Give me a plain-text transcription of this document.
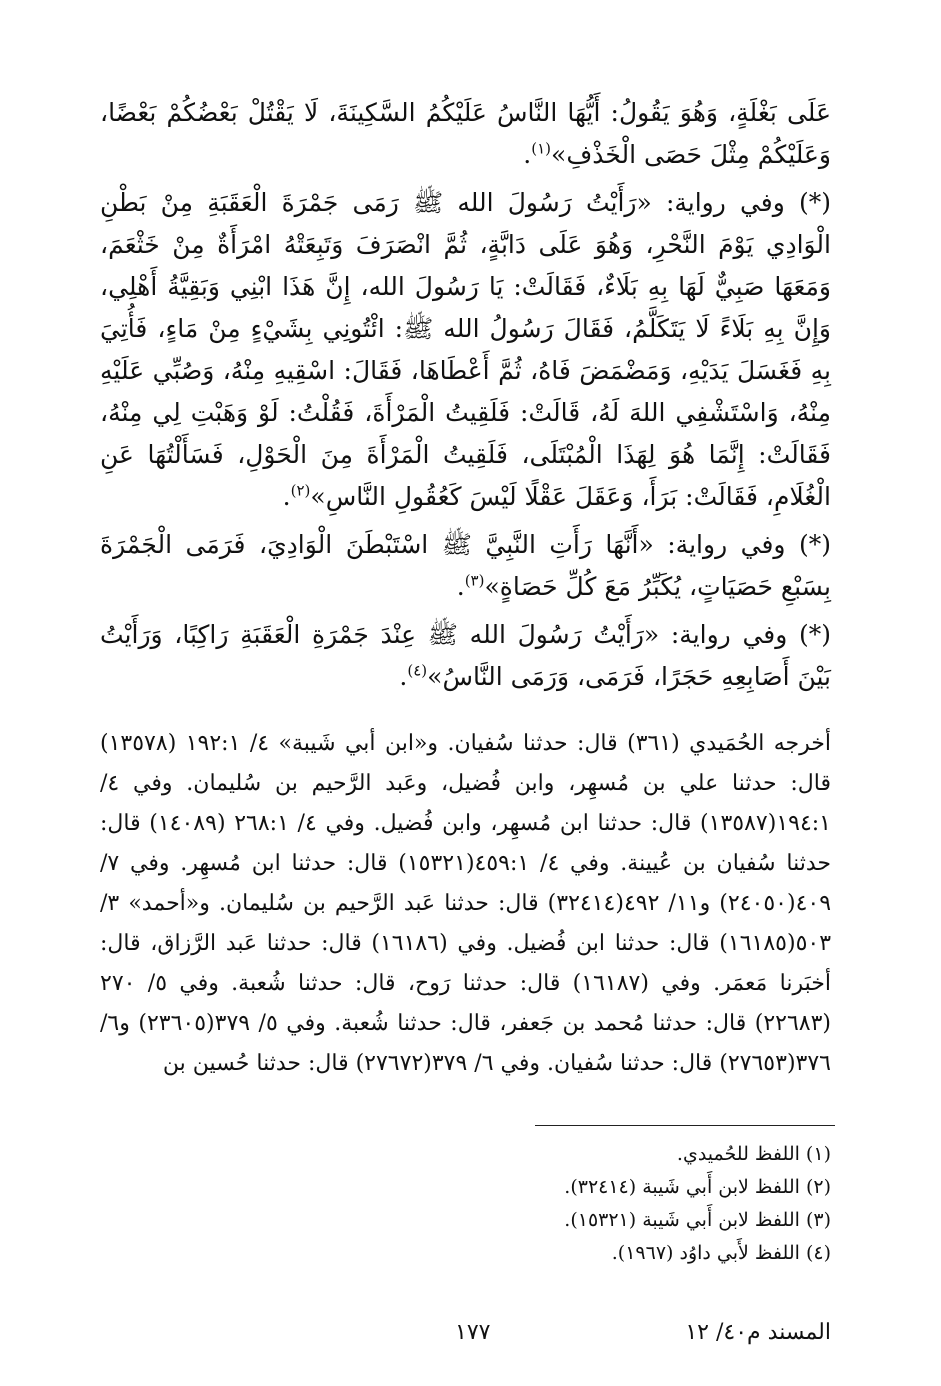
عَلَى بَغْلَةٍ، وَهُوَ يَقُولُ: أَيُّهَا النَّاسُ عَلَيْكُمُ السَّكِينَةَ، لَا يَقْتُلْ بَعْضُكُمْ بَعْضًا، وَعَلَيْكُمْ مِثْلَ حَصَى الْخَذْفِ»$^{(١)}$.

(*) وفي رواية: «رَأَيْتُ رَسُولَ الله ﷺ رَمَى جَمْرَةَ الْعَقَبَةِ مِنْ بَطْنِ الْوَادِي يَوْمَ النَّحْرِ، وَهُوَ عَلَى دَابَّةٍ، ثُمَّ انْصَرَفَ وَتَبِعَتْهُ امْرَأَةٌ مِنْ خَثْعَمَ، وَمَعَهَا صَبِيٌّ لَهَا بِهِ بَلَاءٌ، فَقَالَتْ: يَا رَسُولَ الله، إِنَّ هَذَا ابْنِي وَبَقِيَّةُ أَهْلِي، وَإِنَّ بِهِ بَلَاءً لَا يَتَكَلَّمُ، فَقَالَ رَسُولُ الله ﷺ: ائْتُونِي بِشَيْءٍ مِنْ مَاءٍ، فَأُتِيَ بِهِ فَغَسَلَ يَدَيْهِ، وَمَضْمَضَ فَاهُ، ثُمَّ أَعْطَاهَا، فَقَالَ: اسْقِيهِ مِنْهُ، وَصُبِّي عَلَيْهِ مِنْهُ، وَاسْتَشْفِي اللهَ لَهُ، قَالَتْ: فَلَقِيتُ الْمَرْأَةَ، فَقُلْتُ: لَوْ وَهَبْتِ لِي مِنْهُ، فَقَالَتْ: إِنَّمَا هُوَ لِهَذَا الْمُبْتَلَى، فَلَقِيتُ الْمَرْأَةَ مِنَ الْحَوْلِ، فَسَأَلْتُهَا عَنِ الْغُلَامِ، فَقَالَتْ: بَرَأَ، وَعَقَلَ عَقْلًا لَيْسَ كَعُقُولِ النَّاسِ»$^{(٢)}$.

(*) وفي رواية: «أَنَّهَا رَأَتِ النَّبِيَّ ﷺ اسْتَبْطَنَ الْوَادِيَ، فَرَمَى الْجَمْرَةَ بِسَبْعِ حَصَيَاتٍ، يُكَبِّرُ مَعَ كُلِّ حَصَاةٍ»$^{(٣)}$.

(*) وفي رواية: «رَأَيْتُ رَسُولَ الله ﷺ عِنْدَ جَمْرَةِ الْعَقَبَةِ رَاكِبًا، وَرَأَيْتُ بَيْنَ أَصَابِعِهِ حَجَرًا، فَرَمَى، وَرَمَى النَّاسُ»$^{(٤)}$.

أخرجه الحُمَيدي (٣٦١) قال: حدثنا سُفيان. و«ابن أبي شَيبة» ٤/ ١٩٢:١ (١٣٥٧٨) قال: حدثنا علي بن مُسهِر، وابن فُضيل، وعَبد الرَّحيم بن سُليمان. وفي ٤/ ١٩٤:١(١٣٥٨٧) قال: حدثنا ابن مُسهِر، وابن فُضيل. وفي ٤/ ٢٦٨:١ (١٤٠٨٩) قال: حدثنا سُفيان بن عُيينة. وفي ٤/ ٤٥٩:١(١٥٣٢١) قال: حدثنا ابن مُسهِر. وفي ٧/ ٤٠٩(٢٤٠٥٠) و١١/ ٤٩٢(٣٢٤١٤) قال: حدثنا عَبد الرَّحيم بن سُليمان. و«أحمد» ٣/ ٥٠٣(١٦١٨٥) قال: حدثنا ابن فُضيل. وفي (١٦١٨٦) قال: حدثنا عَبد الرَّزاق، قال: أخبَرنا مَعمَر. وفي (١٦١٨٧) قال: حدثنا رَوح، قال: حدثنا شُعبة. وفي ٥/ ٢٧٠ (٢٢٦٨٣) قال: حدثنا مُحمد بن جَعفر، قال: حدثنا شُعبة. وفي ٥/ ٣٧٩(٢٣٦٠٥) و٦/ ٣٧٦(٢٧٦٥٣) قال: حدثنا سُفيان. وفي ٦/ ٣٧٩(٢٧٦٧٢) قال: حدثنا حُسين بن
(١) اللفظ للحُميدي.
(٢) اللفظ لابن أَبي شَيبة (٣٢٤١٤).
(٣) اللفظ لابن أَبي شَيبة (١٥٣٢١).
(٤) اللفظ لأَبي داوُد (١٩٦٧).
المسند م٤٠/ ١٢
١٧٧
